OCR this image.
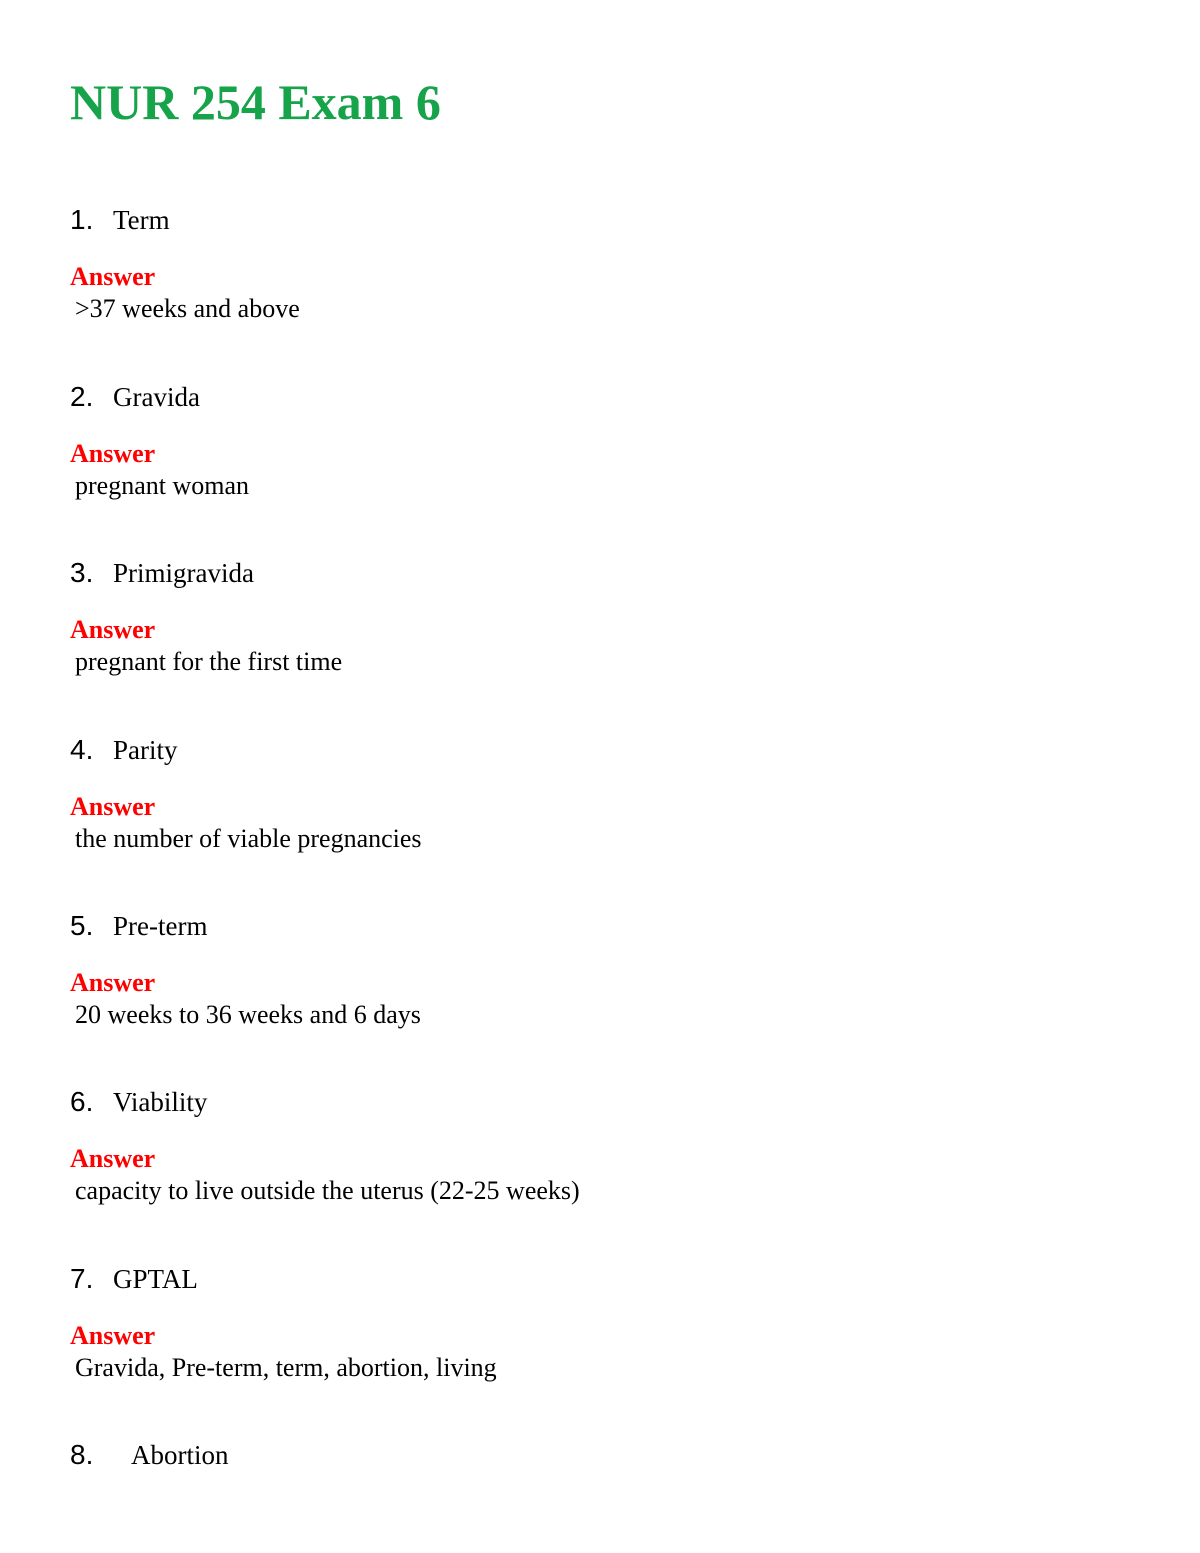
NUR 254 Exam 6
1. Term
Answer
>37 weeks and above
2. Gravida
Answer
pregnant woman
3. Primigravida
Answer
pregnant for the first time
4. Parity
Answer
the number of viable pregnancies
5. Pre-term
Answer
20 weeks to 36 weeks and 6 days
6. Viability
Answer
capacity to live outside the uterus (22-25 weeks)
7. GPTAL
Answer
Gravida, Pre-term, term, abortion, living
8. Abortion
